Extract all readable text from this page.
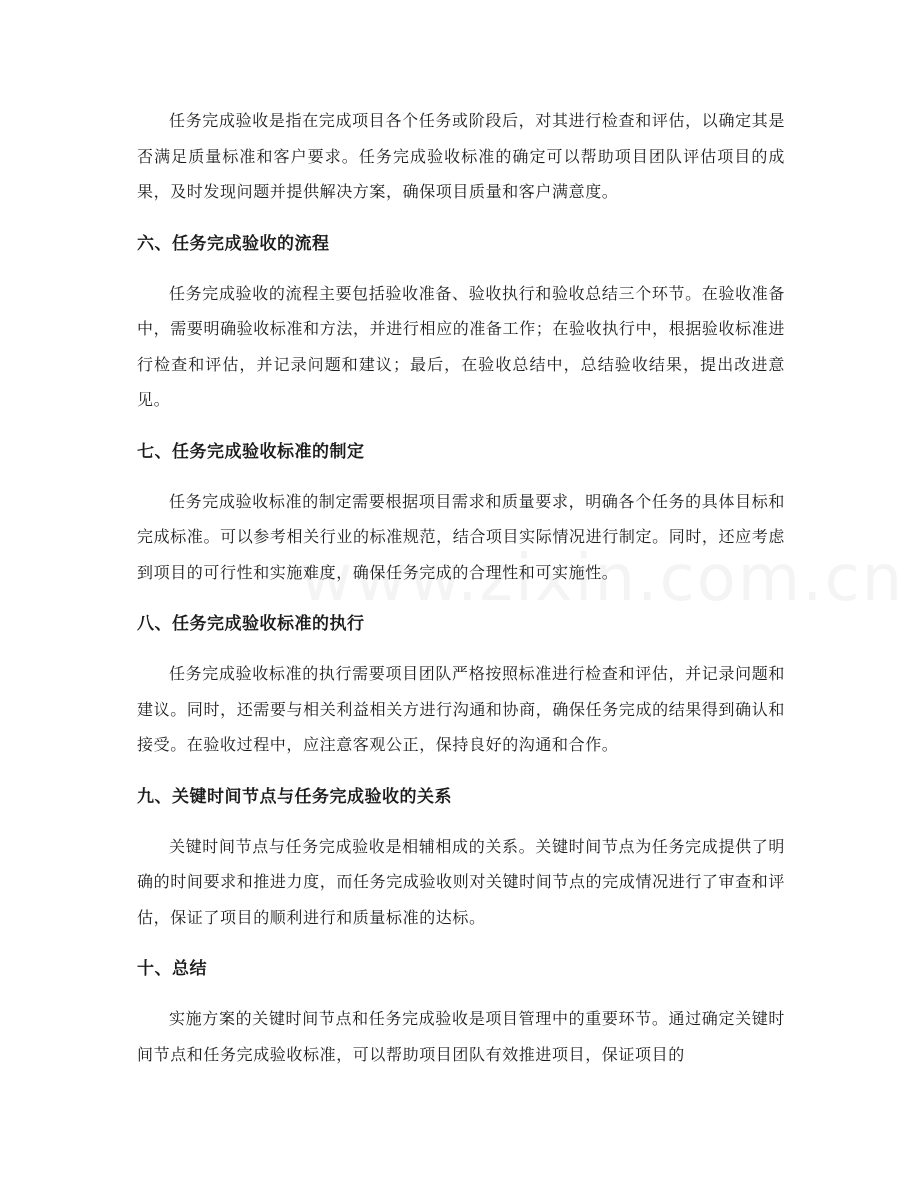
任务完成验收是指在完成项目各个任务或阶段后，对其进行检查和评估，以确定其是否满足质量标准和客户要求。任务完成验收标准的确定可以帮助项目团队评估项目的成果，及时发现问题并提供解决方案，确保项目质量和客户满意度。

六、任务完成验收的流程

任务完成验收的流程主要包括验收准备、验收执行和验收总结三个环节。在验收准备中，需要明确验收标准和方法，并进行相应的准备工作；在验收执行中，根据验收标准进行检查和评估，并记录问题和建议；最后，在验收总结中，总结验收结果，提出改进意见。

七、任务完成验收标准的制定

任务完成验收标准的制定需要根据项目需求和质量要求，明确各个任务的具体目标和完成标准。可以参考相关行业的标准规范，结合项目实际情况进行制定。同时，还应考虑到项目的可行性和实施难度，确保任务完成的合理性和可实施性。

八、任务完成验收标准的执行

任务完成验收标准的执行需要项目团队严格按照标准进行检查和评估，并记录问题和建议。同时，还需要与相关利益相关方进行沟通和协商，确保任务完成的结果得到确认和接受。在验收过程中，应注意客观公正，保持良好的沟通和合作。

九、关键时间节点与任务完成验收的关系

关键时间节点与任务完成验收是相辅相成的关系。关键时间节点为任务完成提供了明确的时间要求和推进力度，而任务完成验收则对关键时间节点的完成情况进行了审查和评估，保证了项目的顺利进行和质量标准的达标。

十、总结

实施方案的关键时间节点和任务完成验收是项目管理中的重要环节。通过确定关键时间节点和任务完成验收标准，可以帮助项目团队有效推进项目，保证项目的
